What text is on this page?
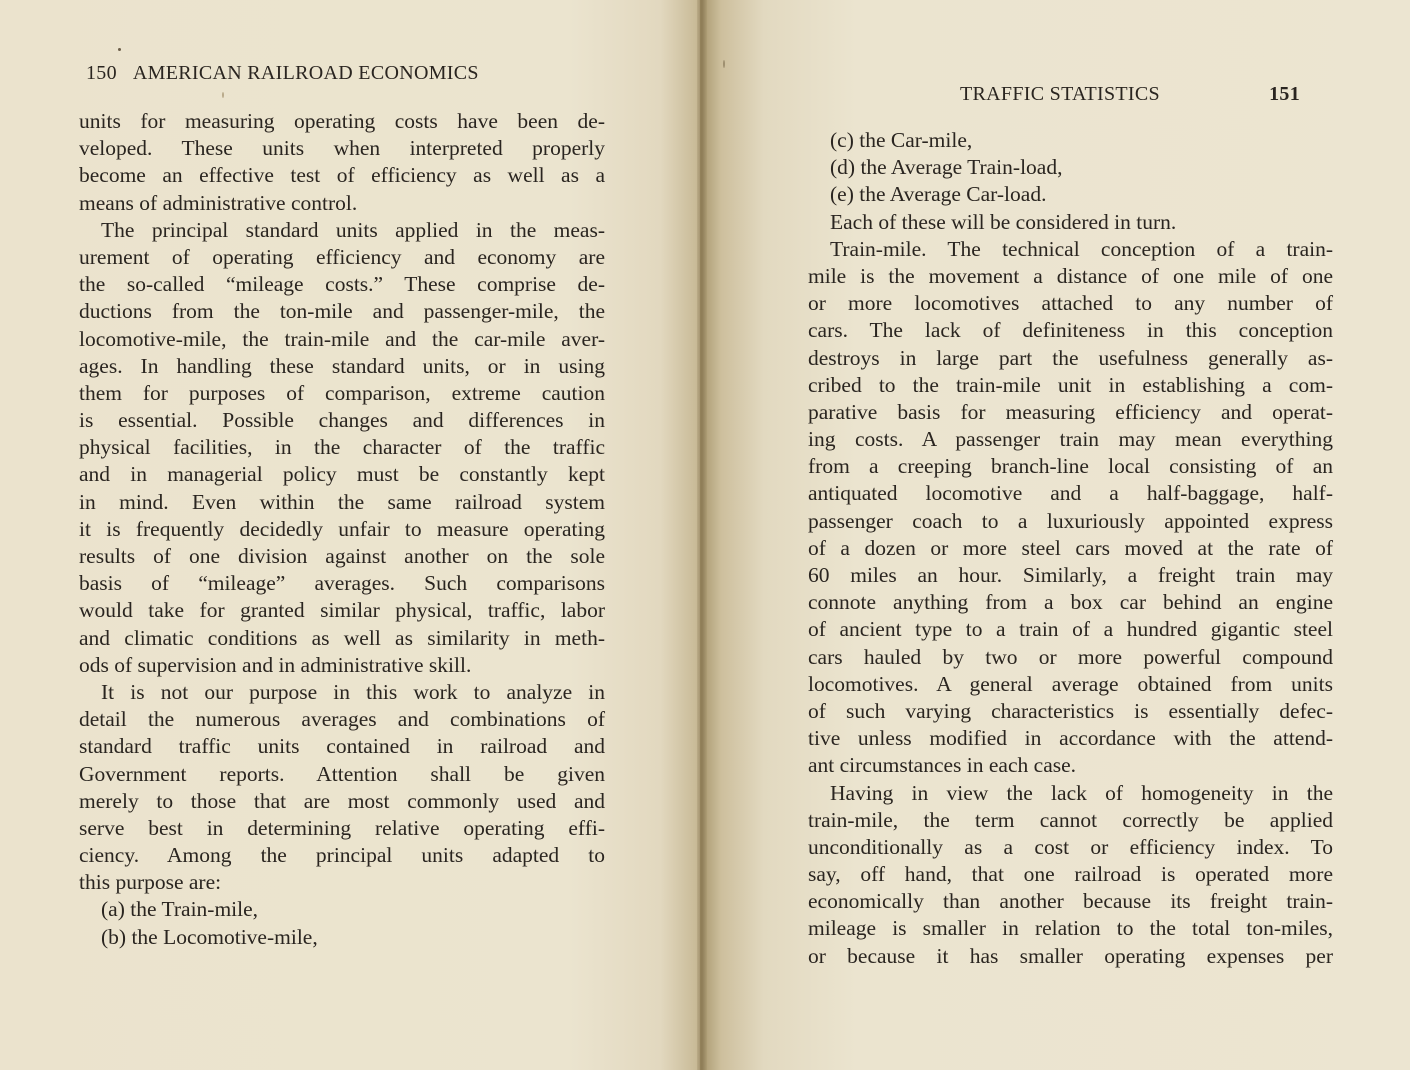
150 AMERICAN RAILROAD ECONOMICS
TRAFFIC STATISTICS	151
units for measuring operating costs have been de-
veloped. These units when interpreted properly
become an effective test of efficiency as well as a
means of administrative control.
The principal standard units applied in the meas-
urement of operating efficiency and economy are
the so-called “mileage costs.” These comprise de-
ductions from the ton-mile and passenger-mile, the
locomotive-mile, the train-mile and the car-mile aver-
ages. In handling these standard units, or in using
them for purposes of comparison, extreme caution
is essential. Possible changes and differences in
physical facilities, in the character of the traffic
and in managerial policy must be constantly kept
in mind. Even within the same railroad system
it is frequently decidedly unfair to measure operating
results of one division against another on the sole
basis of “mileage” averages. Such comparisons
would take for granted similar physical, traffic, labor
and climatic conditions as well as similarity in meth-
ods of supervision and in administrative skill.
It is not our purpose in this work to analyze in
detail the numerous averages and combinations of
standard traffic units contained in railroad and
Government reports. Attention shall be given
merely to those that are most commonly used and
serve best in determining relative operating effi-
ciency. Among the principal units adapted to
this purpose are:
(a) the Train-mile,
(b) the Locomotive-mile,
(c) the Car-mile,
(d) the Average Train-load,
(e) the Average Car-load.
Each of these will be considered in turn.
Train-mile. The technical conception of a train-
mile is the movement a distance of one mile of one
or more locomotives attached to any number of
cars. The lack of definiteness in this conception
destroys in large part the usefulness generally as-
cribed to the train-mile unit in establishing a com-
parative basis for measuring efficiency and operat-
ing costs. A passenger train may mean everything
from a creeping branch-line local consisting of an
antiquated locomotive and a half-baggage, half-
passenger coach to a luxuriously appointed express
of a dozen or more steel cars moved at the rate of
60 miles an hour. Similarly, a freight train may
connote anything from a box car behind an engine
of ancient type to a train of a hundred gigantic steel
cars hauled by two or more powerful compound
locomotives. A general average obtained from units
of such varying characteristics is essentially defec-
tive unless modified in accordance with the attend-
ant circumstances in each case.
Having in view the lack of homogeneity in the
train-mile, the term cannot correctly be applied
unconditionally as a cost or efficiency index. To
say, off hand, that one railroad is operated more
economically than another because its freight train-
mileage is smaller in relation to the total ton-miles,
or because it has smaller operating expenses per
